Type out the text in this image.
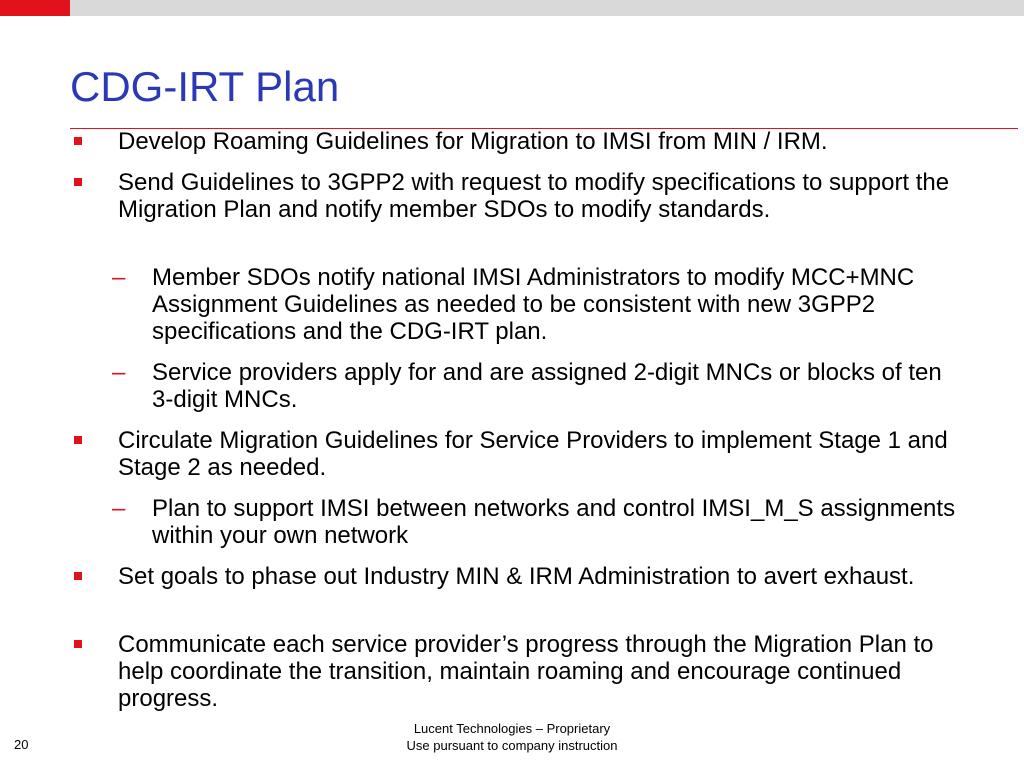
CDG-IRT Plan
Develop Roaming Guidelines for Migration to IMSI from MIN / IRM.
Send Guidelines to 3GPP2 with request to modify specifications to support the Migration Plan and notify member SDOs to modify standards.
– Member SDOs notify national IMSI Administrators to modify MCC+MNC Assignment Guidelines as needed to be consistent with new 3GPP2 specifications and the CDG-IRT plan.
– Service providers apply for and are assigned 2-digit MNCs or blocks of ten 3-digit MNCs.
Circulate Migration Guidelines for Service Providers to implement Stage 1 and Stage 2 as needed.
– Plan to support IMSI between networks and control IMSI_M_S assignments within your own network
Set goals to phase out Industry MIN & IRM Administration to avert exhaust.
Communicate each service provider’s progress through the Migration Plan to help coordinate the transition, maintain roaming and encourage continued progress.
Lucent Technologies – Proprietary
Use pursuant to company instruction
20
